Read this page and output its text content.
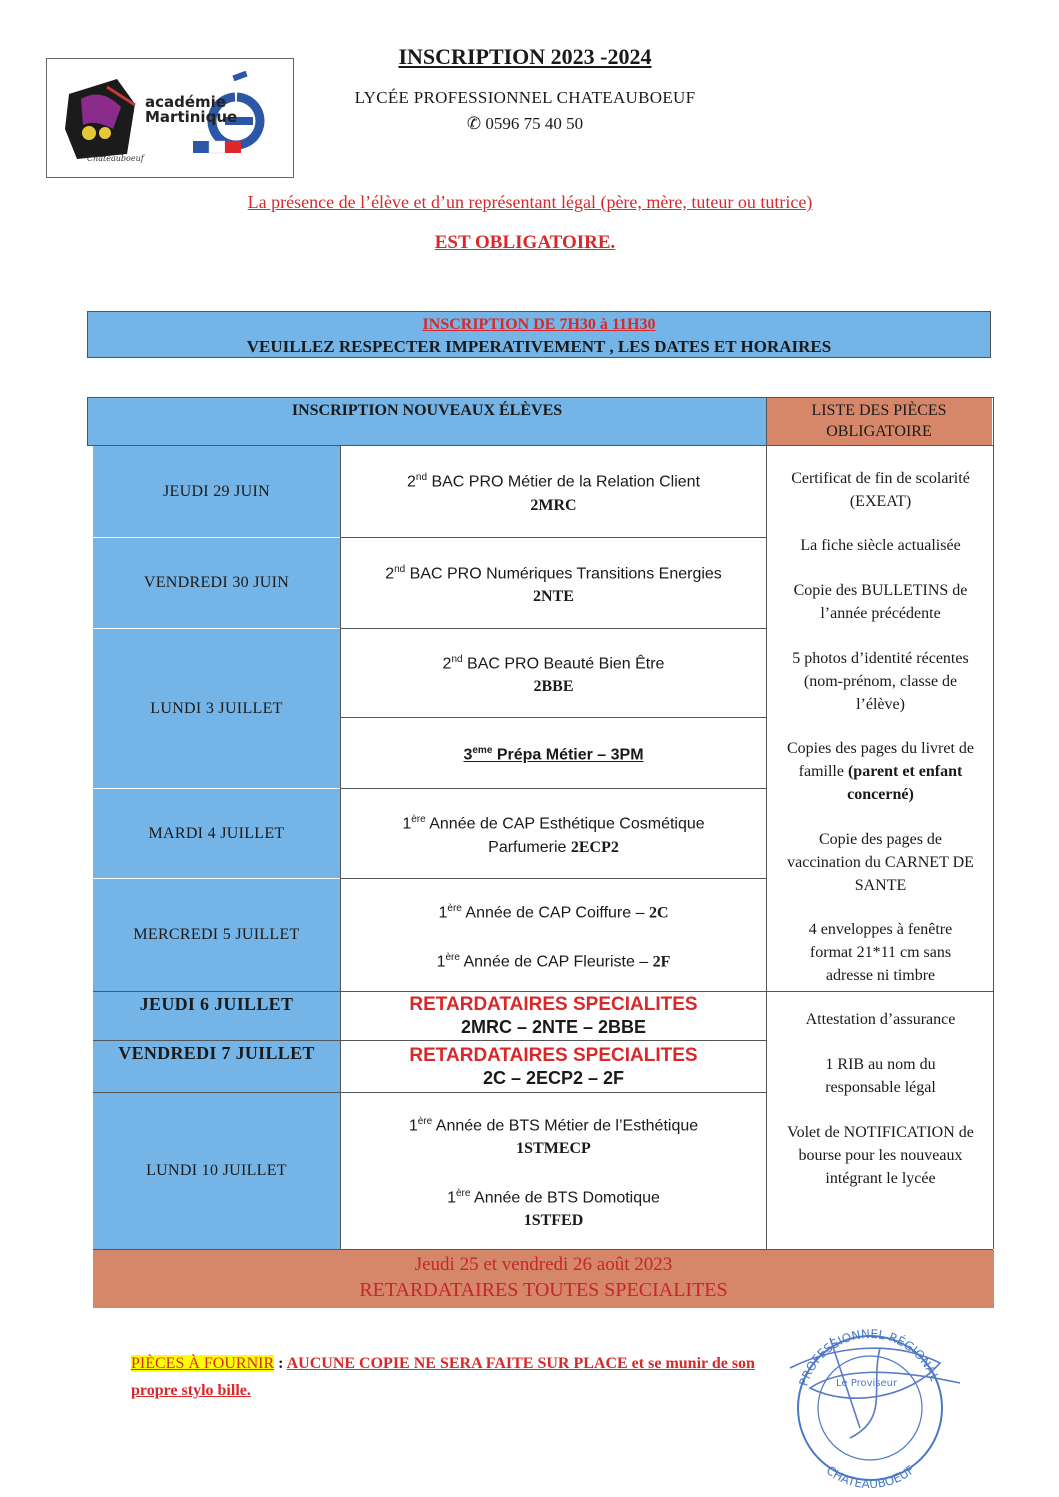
Chateauboeuf
académie
Martinique
INSCRIPTION 2023 -2024
LYCÉE PROFESSIONNEL CHATEAUBOEUF
✆ 0596 75 40 50
La présence de l’élève et d’un représentant légal (père, mère, tuteur ou tutrice)
EST OBLIGATOIRE.
INSCRIPTION DE 7H30 à 11H30
VEUILLEZ RESPECTER IMPERATIVEMENT , LES DATES ET HORAIRES
INSCRIPTION NOUVEAUX ÉLÈVES	LISTE DES PIÈCES OBLIGATOIRE
JEUDI 29 JUIN
VENDREDI 30 JUIN
LUNDI 3 JUILLET
MARDI 4 JUILLET
MERCREDI 5 JUILLET
JEUDI 6 JUILLET
VENDREDI 7 JUILLET
LUNDI 10 JUILLET
2nd BAC PRO Métier de la Relation Client
2MRC
2nd BAC PRO Numériques Transitions Energies
2NTE
2nd BAC PRO Beauté Bien Être
2BBE
3eme Prépa Métier – 3PM
1ère Année de CAP Esthétique Cosmétique
Parfumerie 2ECP2
1ère Année de CAP Coiffure – 2C
1ère Année de CAP Fleuriste – 2F
RETARDATAIRES SPECIALITES
2MRC – 2NTE – 2BBE
RETARDATAIRES SPECIALITES
2C – 2ECP2 – 2F
1ère Année de BTS Métier de l’Esthétique
1STMECP
1ère Année de BTS Domotique
1STFED
Certificat de fin de scolarité (EXEAT)
La fiche siècle actualisée
Copie des BULLETINS de l’année précédente
5 photos d’identité récentes (nom-prénom, classe de l’élève)
Copies des pages du livret de famille (parent et enfant concerné)
Copie des pages de vaccination du CARNET DE SANTE
4 enveloppes à fenêtre format 21*11 cm sans adresse ni timbre
Attestation d’assurance
1 RIB au nom du responsable légal
Volet de NOTIFICATION de bourse pour les nouveaux intégrant le lycée
Jeudi 25 et vendredi 26 août 2023
RETARDATAIRES TOUTES SPECIALITES
PIÈCES À FOURNIR : AUCUNE COPIE NE SERA FAITE SUR PLACE et se munir de son
propre stylo bille.	PROFESSIONNEL RÉGIONAL
CHATEAUBOEUF
Le Proviseur
